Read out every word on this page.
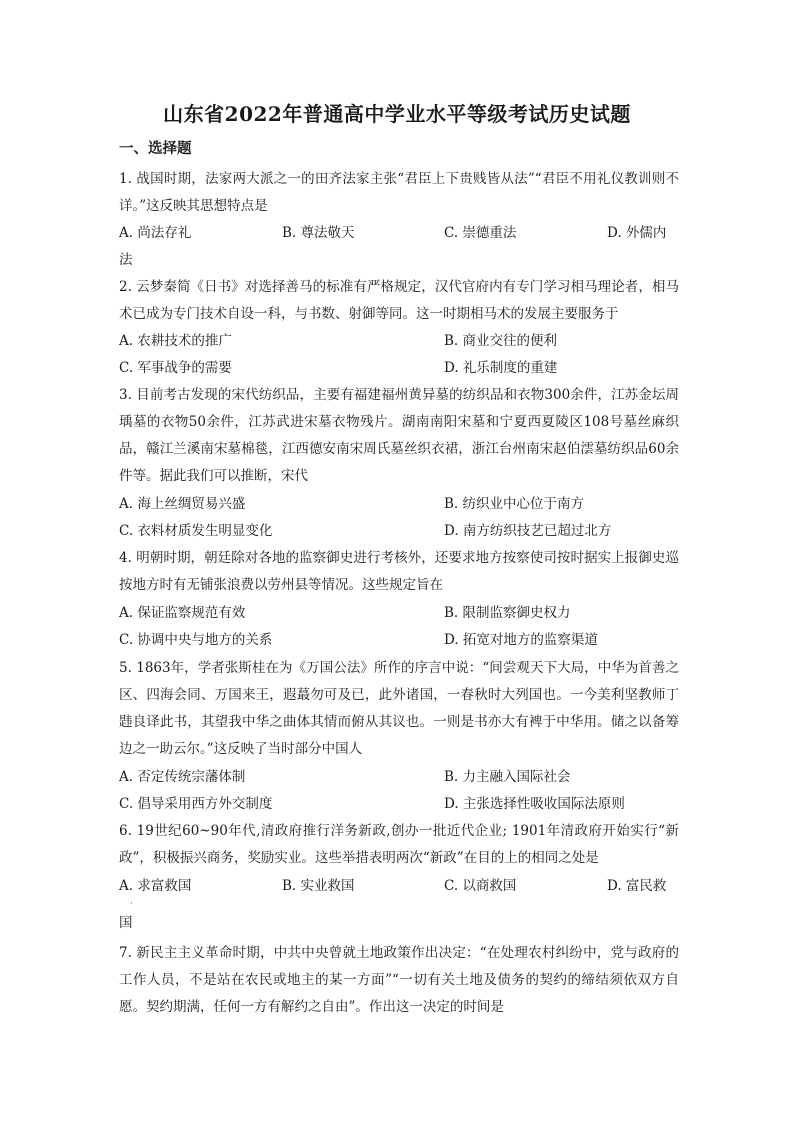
山东省2022年普通高中学业水平等级考试历史试题
一、选择题
1. 战国时期，法家两大派之一的田齐法家主张“君臣上下贵贱皆从法”“君臣不用礼仪教训则不详。”这反映其思想特点是
A. 尚法存礼	B. 尊法敬天	C. 崇德重法	D. 外儒内
法
2. 云梦秦简《日书》对选择善马的标准有严格规定，汉代官府内有专门学习相马理论者，相马术已成为专门技术自设一科，与书数、射御等同。这一时期相马术的发展主要服务于
A. 农耕技术的推广	B. 商业交往的便利
C. 军事战争的需要	D. 礼乐制度的重建
3. 目前考古发现的宋代纺织品，主要有福建福州黄异墓的纺织品和衣物300余件，江苏金坛周瑀墓的衣物50余件，江苏武进宋墓衣物残片。湖南南阳宋墓和宁夏西夏陵区108号墓丝麻织品，赣江兰溪南宋墓棉毯，江西德安南宋周氏墓丝织衣裙，浙江台州南宋赵伯澐墓纺织品60余件等。据此我们可以推断，宋代
A. 海上丝绸贸易兴盛	B. 纺织业中心位于南方
C. 衣料材质发生明显变化	D. 南方纺织技艺已超过北方
4. 明朝时期，朝廷除对各地的监察御史进行考核外，还要求地方按察使司按时据实上报御史巡按地方时有无铺张浪费以劳州县等情况。这些规定旨在
A. 保证监察规范有效	B. 限制监察御史权力
C. 协调中央与地方的关系	D. 拓宽对地方的监察渠道
5. 1863年，学者张斯桂在为《万国公法》所作的序言中说：“间尝观天下大局，中华为首善之区、四海会同、万国来王，遐蕞勿可及已，此外诸国，一春秋时大列国也。一今美利坚教师丁韪良译此书，其望我中华之曲体其情而俯从其议也。一则是书亦大有裨于中华用。储之以备筹边之一助云尔。”这反映了当时部分中国人
A. 否定传统宗藩体制	B. 力主融入国际社会
C. 倡导采用西方外交制度	D. 主张选择性吸收国际法原则
6. 19世纪60~90年代,清政府推行洋务新政,创办一批近代企业; 1901年清政府开始实行“新政”，积极振兴商务，奖励实业。这些举措表明两次“新政”在目的上的相同之处是
A. 求富救国	B. 实业救国	C. 以商救国	D. 富民救
·
国
7. 新民主主义革命时期，中共中央曾就土地政策作出决定：“在处理农村纠纷中，党与政府的工作人员，不是站在农民或地主的某一方面”“一切有关土地及债务的契约的缔结须依双方自愿。契约期满，任何一方有解约之自由”。作出这一决定的时间是
